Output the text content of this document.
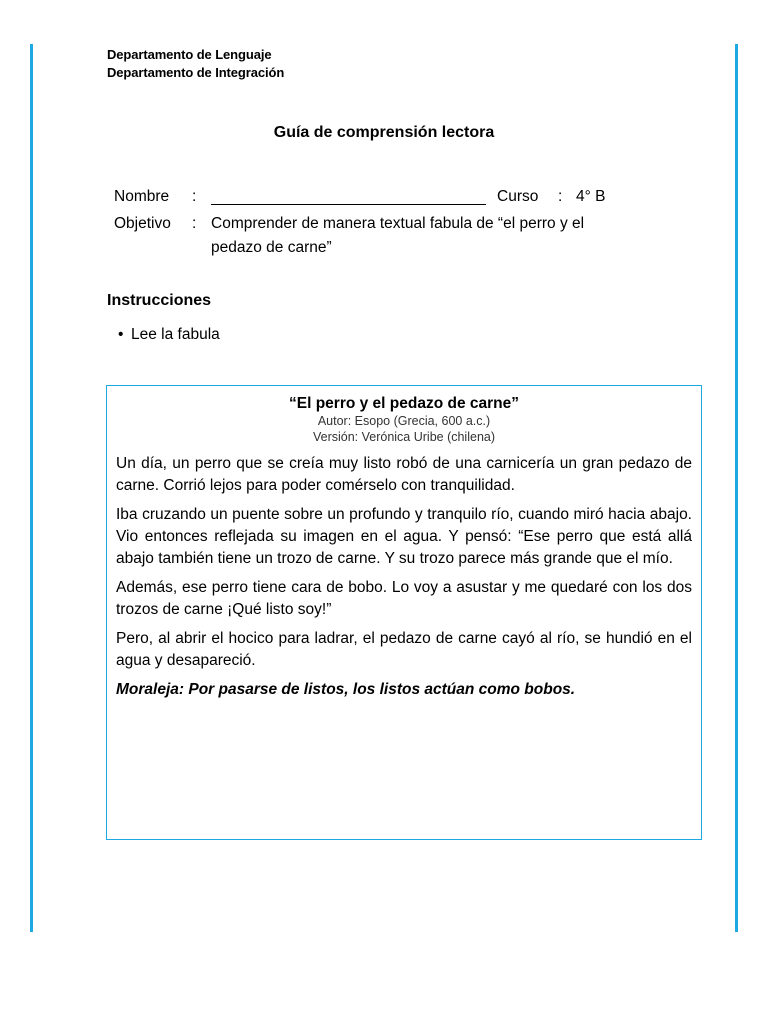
Departamento de Lenguaje
Departamento de Integración
Guía de comprensión lectora
Nombre :	Curso : 4° B
Objetivo : Comprender de manera textual fabula de “el perro y el
pedazo de carne”
Instrucciones
• Lee la fabula
“El perro y el pedazo de carne”
Autor: Esopo (Grecia, 600 a.c.)
Versión: Verónica Uribe (chilena)

Un día, un perro que se creía muy listo robó de una carnicería un gran pedazo de carne. Corrió lejos para poder comérselo con tranquilidad.

Iba cruzando un puente sobre un profundo y tranquilo río, cuando miró hacia abajo. Vio entonces reflejada su imagen en el agua. Y pensó: “Ese perro que está allá abajo también tiene un trozo de carne. Y su trozo parece más grande que el mío.

Además, ese perro tiene cara de bobo. Lo voy a asustar y me quedaré con los dos trozos de carne ¡Qué listo soy!”

Pero, al abrir el hocico para ladrar, el pedazo de carne cayó al río, se hundió en el agua y desapareció.

Moraleja: Por pasarse de listos, los listos actúan como bobos.
